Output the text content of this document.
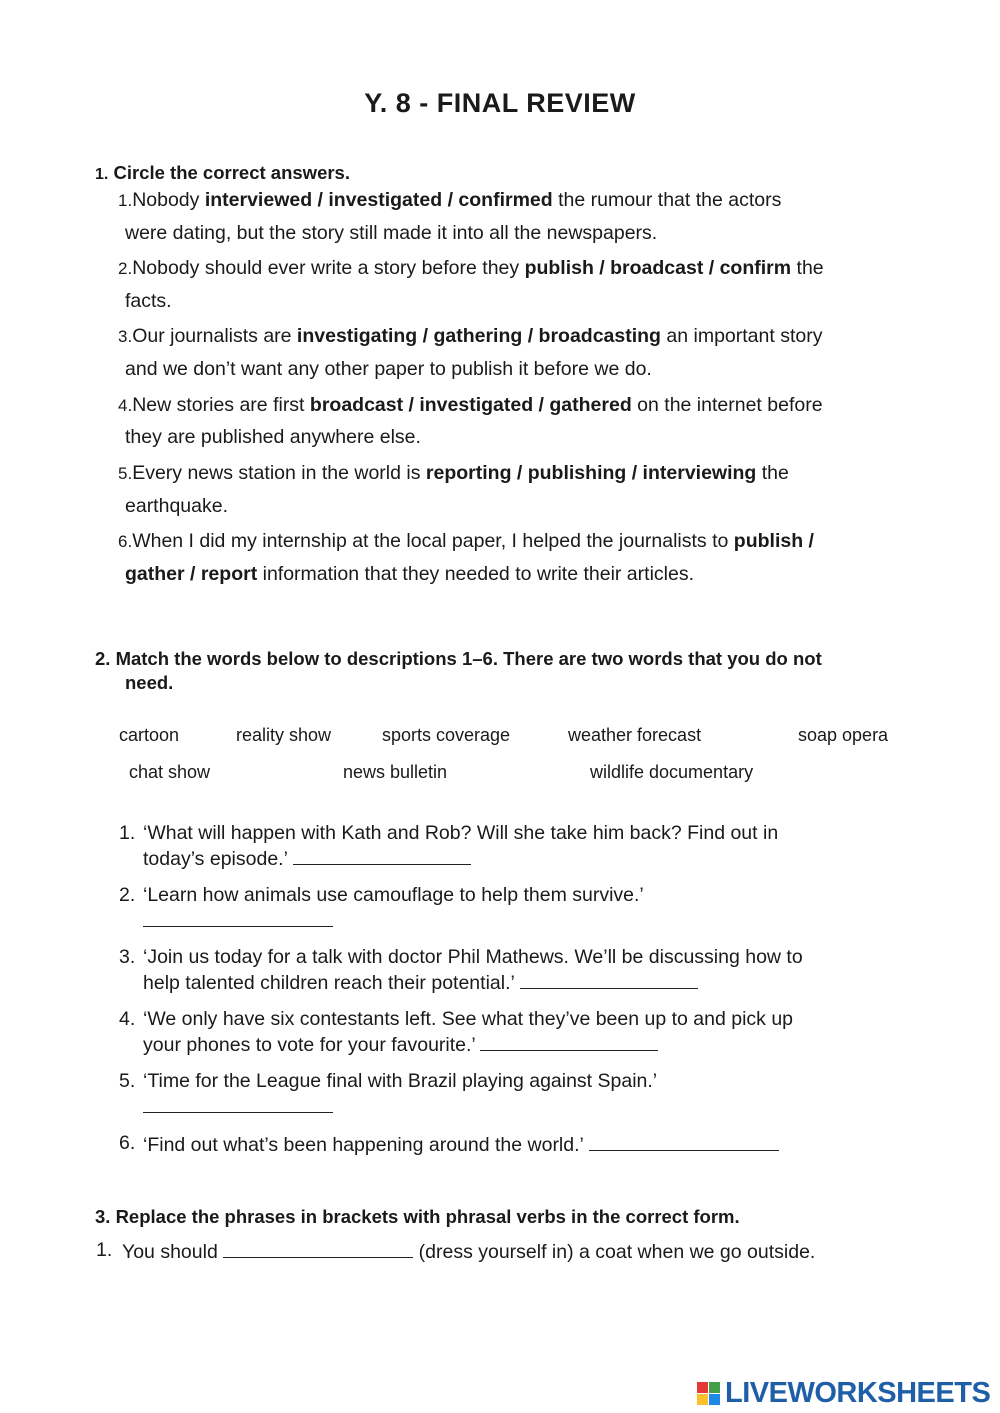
Y. 8 - FINAL REVIEW
1. Circle the correct answers.
1.Nobody interviewed / investigated / confirmed the rumour that the actors
were dating, but the story still made it into all the newspapers.
2.Nobody should ever write a story before they publish / broadcast / confirm the
facts.
3.Our journalists are investigating / gathering / broadcasting an important story
and we don’t want any other paper to publish it before we do.
4.New stories are first broadcast / investigated / gathered on the internet before
they are published anywhere else.
5.Every news station in the world is reporting / publishing / interviewing the
earthquake.
6.When I did my internship at the local paper, I helped the journalists to publish /
gather / report information that they needed to write their articles.
2. Match the words below to descriptions 1–6. There are two words that you do not
need.
cartoon	reality show	sports coverage	weather forecast	soap opera
chat show	news bulletin	wildlife documentary
1. ‘What will happen with Kath and Rob? Will she take him back? Find out in
today’s episode.’
2. ‘Learn how animals use camouflage to help them survive.’
3. ‘Join us today for a talk with doctor Phil Mathews. We’ll be discussing how to
help talented children reach their potential.’
4. ‘We only have six contestants left. See what they’ve been up to and pick up
your phones to vote for your favourite.’
5. ‘Time for the League final with Brazil playing against Spain.’
6. ‘Find out what’s been happening around the world.’
3. Replace the phrases in brackets with phrasal verbs in the correct form.
1. You should	(dress yourself in) a coat when we go outside.
LIVEWORKSHEETS
